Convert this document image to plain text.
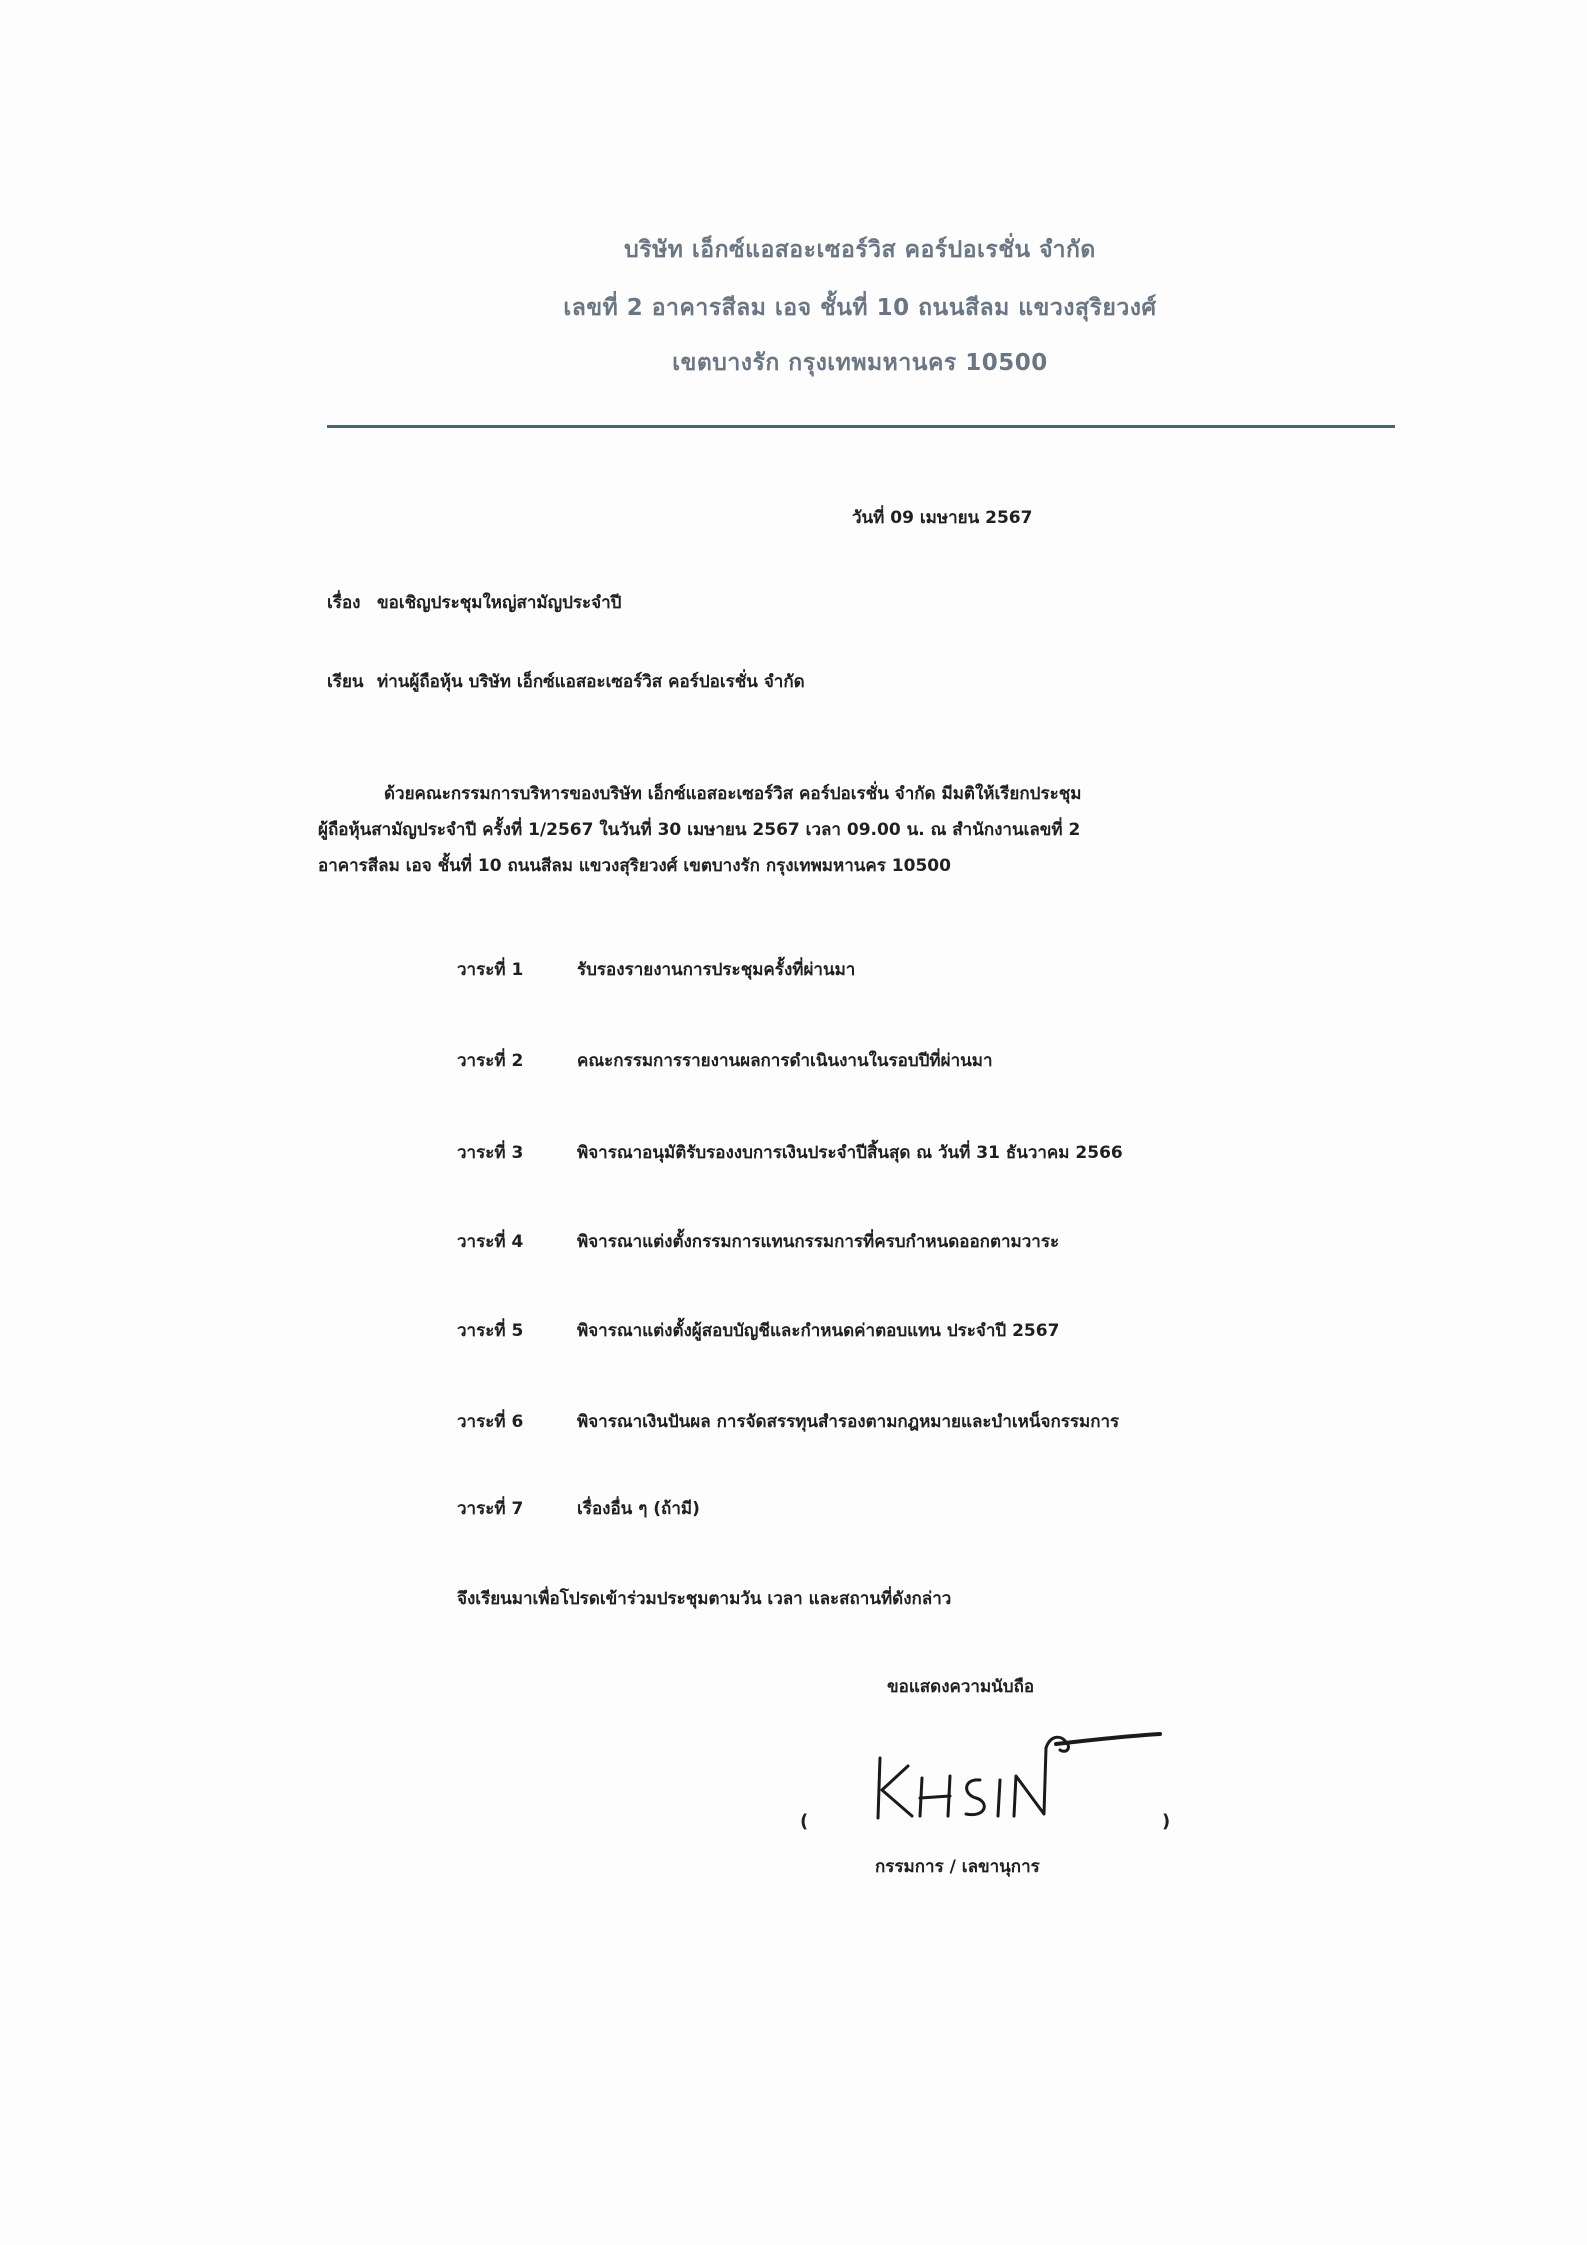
บริษัท เอ็กซ์แอสอะเซอร์วิส คอร์ปอเรชั่น จำกัด
เลขที่ 2 อาคารสีลม เอจ ชั้นที่ 10 ถนนสีลม แขวงสุริยวงศ์
เขตบางรัก กรุงเทพมหานคร 10500
วันที่ 09 เมษายน 2567
เรื่อง ขอเชิญประชุมใหญ่สามัญประจำปี
เรียน ท่านผู้ถือหุ้น บริษัท เอ็กซ์แอสอะเซอร์วิส คอร์ปอเรชั่น จำกัด

ด้วยคณะกรรมการบริหารของบริษัท เอ็กซ์แอสอะเซอร์วิส คอร์ปอเรชั่น จำกัด มีมติให้เรียกประชุม

ผู้ถือหุ้นสามัญประจำปี ครั้งที่ 1/2567 ในวันที่ 30 เมษายน 2567 เวลา 09.00 น. ณ สำนักงานเลขที่ 2

อาคารสีลม เอจ ชั้นที่ 10 ถนนสีลม แขวงสุริยวงศ์ เขตบางรัก กรุงเทพมหานคร 10500

วาระที่ 1	รับรองรายงานการประชุมครั้งที่ผ่านมา
วาระที่ 2	คณะกรรมการรายงานผลการดำเนินงานในรอบปีที่ผ่านมา
วาระที่ 3	พิจารณาอนุมัติรับรองงบการเงินประจำปีสิ้นสุด ณ วันที่ 31 ธันวาคม 2566
วาระที่ 4	พิจารณาแต่งตั้งกรรมการแทนกรรมการที่ครบกำหนดออกตามวาระ
วาระที่ 5	พิจารณาแต่งตั้งผู้สอบบัญชีและกำหนดค่าตอบแทน ประจำปี 2567
วาระที่ 6	พิจารณาเงินปันผล การจัดสรรทุนสำรองตามกฎหมายและบำเหน็จกรรมการ
วาระที่ 7	เรื่องอื่น ๆ (ถ้ามี)
จึงเรียนมาเพื่อโปรดเข้าร่วมประชุมตามวัน เวลา และสถานที่ดังกล่าว
ขอแสดงความนับถือ
(	)
กรรมการ / เลขานุการ
